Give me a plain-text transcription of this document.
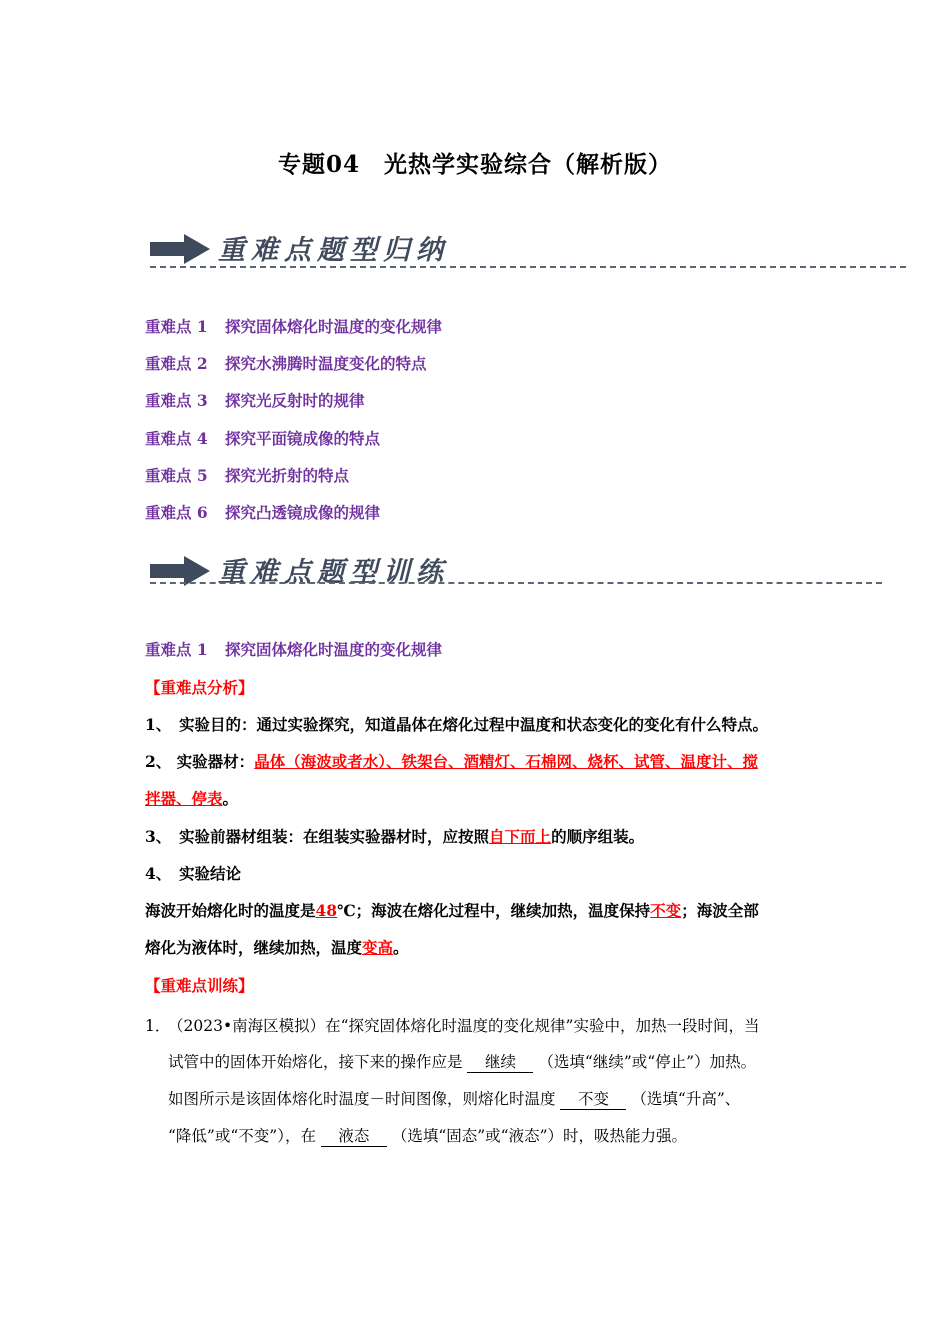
专题04　光热学实验综合（解析版）
重难点题型归纳
重难点 1 探究固体熔化时温度的变化规律
重难点 2 探究水沸腾时温度变化的特点
重难点 3 探究光反射时的规律
重难点 4 探究平面镜成像的特点
重难点 5 探究光折射的特点
重难点 6 探究凸透镜成像的规律
重难点题型训练
重难点 1 探究固体熔化时温度的变化规律
【重难点分析】
1、　实验目的：通过实验探究，知道晶体在熔化过程中温度和状态变化的变化有什么特点。
2、 实验器材：晶体（海波或者水）、铁架台、酒精灯、石棉网、烧杯、试管、温度计、搅
拌器、停表。
3、　实验前器材组装：在组装实验器材时，应按照自下而上的顺序组装。
4、　实验结论
海波开始熔化时的温度是48℃；海波在熔化过程中，继续加热，温度保持不变；海波全部
熔化为液体时，继续加热，温度变高。
【重难点训练】
1．
（2023•南海区模拟）在“探究固体熔化时温度的变化规律”实验中，加热一段时间，当
试管中的固体开始熔化，接下来的操作应是 继续 （选填“继续”或“停止”）加热。
如图所示是该固体熔化时温度－时间图像，则熔化时温度 不变 （选填“升高”、
“降低”或“不变”），在 液态 （选填“固态”或“液态”）时，吸热能力强。
